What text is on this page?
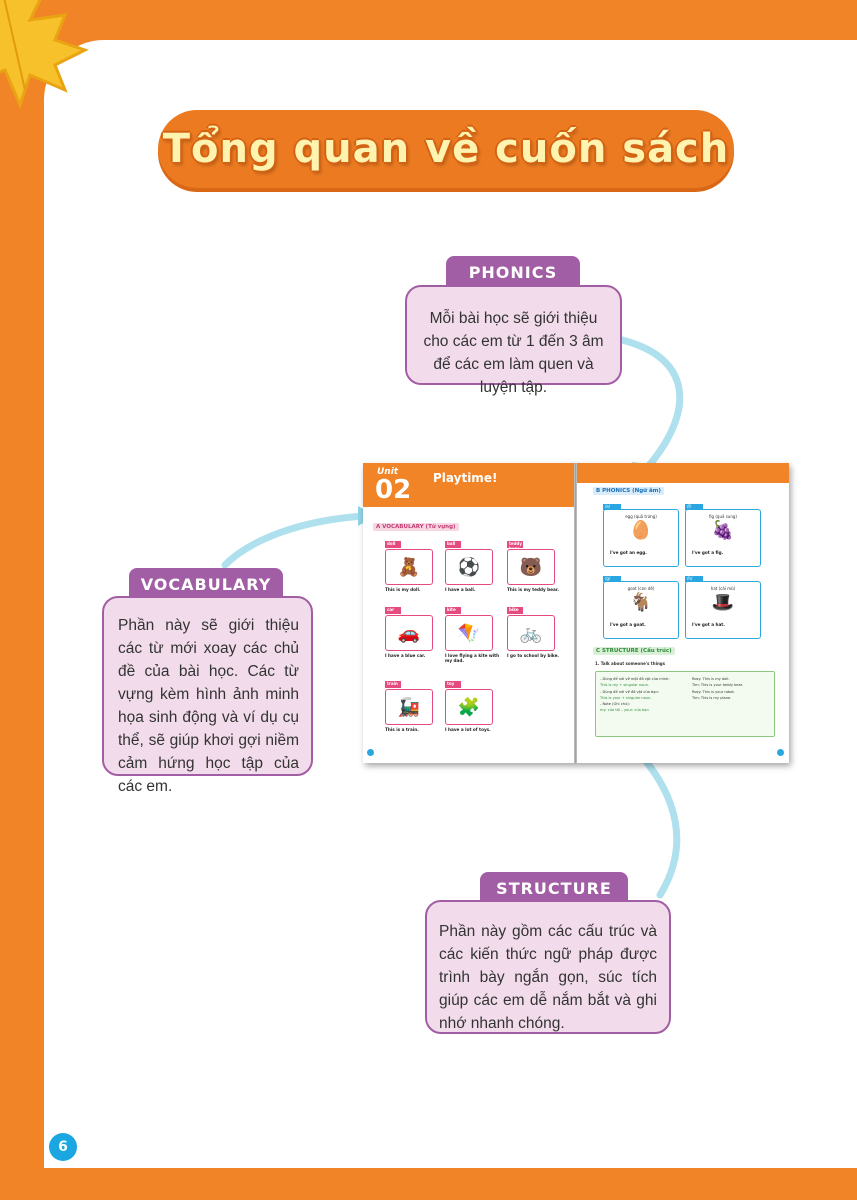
Tổng quan về cuốn sách
PHONICS
Mỗi bài học sẽ giới thiệu cho các em từ 1 đến 3 âm để các em làm quen và luyện tập.
VOCABULARY
Phần này sẽ giới thiệu các từ mới xoay các chủ đề của bài học. Các từ vựng kèm hình ảnh minh họa sinh động và ví dụ cụ thể, sẽ giúp khơi gợi niềm cảm hứng học tập của các em.
STRUCTURE
Phần này gồm các cấu trúc và các kiến thức ngữ pháp được trình bày ngắn gọn, súc tích giúp các em dễ nắm bắt và ghi nhớ nhanh chóng.
Unit
02 Playtime!
A VOCABULARY (Từ vựng)
doll
🧸
This is my doll.
ball
⚽
I have a ball.
teddy bear
🐻
This is my teddy bear.
car
🚗
I have a blue car.
kite
🪁
I love flying a kite with my dad.
bike
🚲
I go to school by bike.
train
🚂
This is a train.
toy
🧩
I have a lot of toys.
B PHONICS (Ngữ âm)
/e/
egg (quả trứng)
🥚
I've got an egg.
/f/
fig (quả sung)
🍇
I've got a fig.
/g/
goat (con dê)
🐐
I've got a goat.
/h/
hat (cái mũ)
🎩
I've got a hat.
C STRUCTURE (Cấu trúc)
1. Talk about someone's things
- Dùng để nói về một đồ vật của mình:
This is my + singular noun.
- Dùng để nói về đồ vật của bạn:
This is your + singular noun.
- Note (Ghi chú):
my: của tôi – your: của bạn
Rosy: This is my doll.
Tim: This is your teddy bear.
Rosy: This is your robot.
Tim: This is my plane.
6
